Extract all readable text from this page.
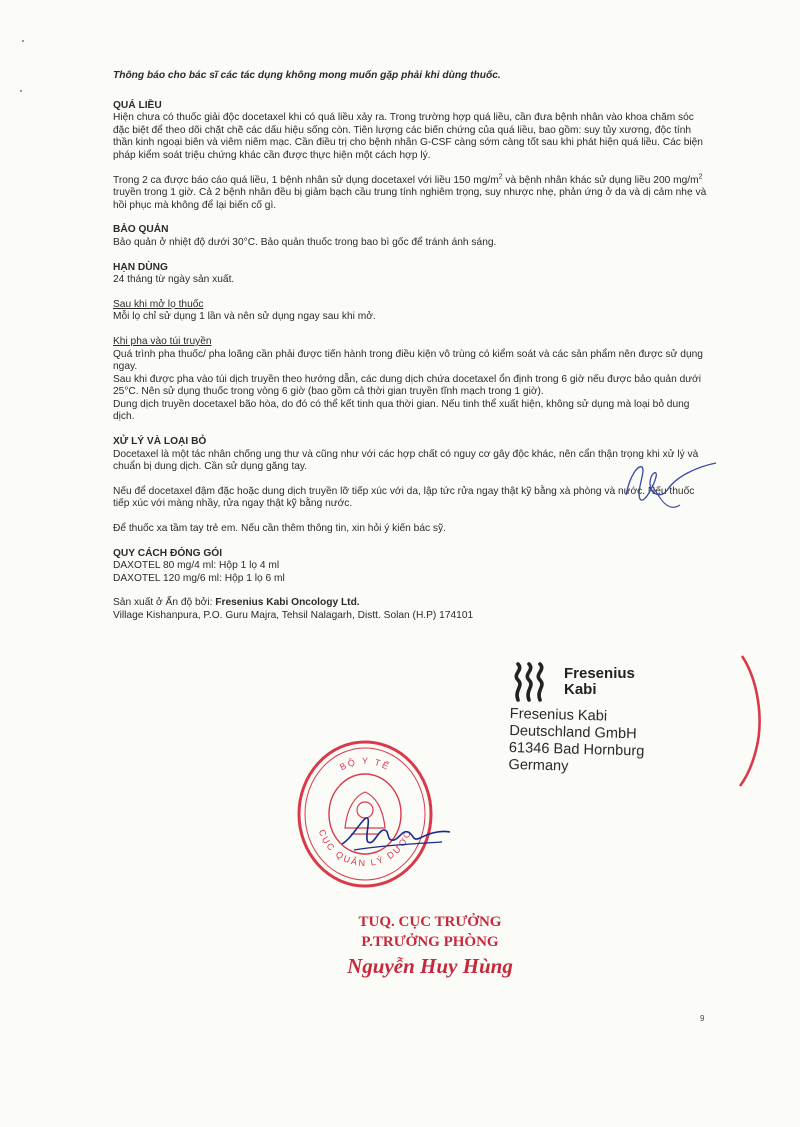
Thông báo cho bác sĩ các tác dụng không mong muốn gặp phải khi dùng thuốc.

QUÁ LIỀU

Hiện chưa có thuốc giải độc docetaxel khi có quá liều xảy ra. Trong trường hợp quá liều, cần đưa bệnh nhân vào khoa chăm sóc

đặc biệt để theo dõi chặt chẽ các dấu hiệu sống còn. Tiên lượng các biến chứng của quá liều, bao gồm: suy tủy xương, độc tính

thần kinh ngoại biên và viêm niêm mạc. Cần điều trị cho bệnh nhân G-CSF càng sớm càng tốt sau khi phát hiện quá liều. Các biện

pháp kiểm soát triệu chứng khác cần được thực hiện một cách hợp lý.

Trong 2 ca được báo cáo quá liều, 1 bệnh nhân sử dụng docetaxel với liều 150 $mg/m^2$ và bệnh nhân khác sử dụng liều 200 $mg/m^2$

truyền trong 1 giờ. Cả 2 bệnh nhân đều bị giảm bạch cầu trung tính nghiêm trọng, suy nhược nhẹ, phản ứng ở da và dị cảm nhẹ và

hồi phục mà không để lại biến cố gì.

BẢO QUẢN

Bảo quản ở nhiệt độ dưới 30°C. Bảo quản thuốc trong bao bì gốc để tránh ánh sáng.

HẠN DÙNG

24 tháng từ ngày sản xuất.

Sau khi mở lọ thuốc

Mỗi lọ chỉ sử dụng 1 lần và nên sử dụng ngay sau khi mở.

Khi pha vào túi truyền

Quá trình pha thuốc/ pha loãng cần phải được tiến hành trong điều kiện vô trùng có kiểm soát và các sản phẩm nên được sử dụng

ngay.

Sau khi được pha vào túi dịch truyền theo hướng dẫn, các dung dịch chứa docetaxel ổn định trong 6 giờ nếu được bảo quản dưới

25°C. Nên sử dụng thuốc trong vòng 6 giờ (bao gồm cả thời gian truyền tĩnh mạch trong 1 giờ).

Dung dịch truyền docetaxel bão hòa, do đó có thể kết tinh qua thời gian. Nếu tinh thể xuất hiện, không sử dụng mà loại bỏ dung

dịch.

XỬ LÝ VÀ LOẠI BỎ

Docetaxel là một tác nhân chống ung thư và cũng như với các hợp chất có nguy cơ gây độc khác, nên cẩn thận trọng khi xử lý và

chuẩn bị dung dịch. Cần sử dụng găng tay.

Nếu để docetaxel đậm đặc hoặc dung dịch truyền lỡ tiếp xúc với da, lập tức rửa ngay thật kỹ bằng xà phòng và nước. Nếu thuốc

tiếp xúc với màng nhầy, rửa ngay thật kỹ bằng nước.

Để thuốc xa tầm tay trẻ em. Nếu cần thêm thông tin, xin hỏi ý kiến bác sỹ.

QUY CÁCH ĐÓNG GÓI

DAXOTEL 80 mg/4 ml: Hộp 1 lọ 4 ml

DAXOTEL 120 mg/6 ml: Hộp 1 lọ 6 ml

Sản xuất ở Ấn độ bởi: Fresenius Kabi Oncology Ltd.

Village Kishanpura, P.O. Guru Majra, Tehsil Nalagarh, Distt. Solan (H.P) 174101

Fresenius
Kabi

Fresenius Kabi

Deutschland GmbH

61346 Bad Hornburg

Germany

BỘ Y TẾ
CỤC QUẢN LÝ DƯỢC

TUQ. CỤC TRƯỞNG

P.TRƯỞNG PHÒNG

Nguyễn Huy Hùng

9
